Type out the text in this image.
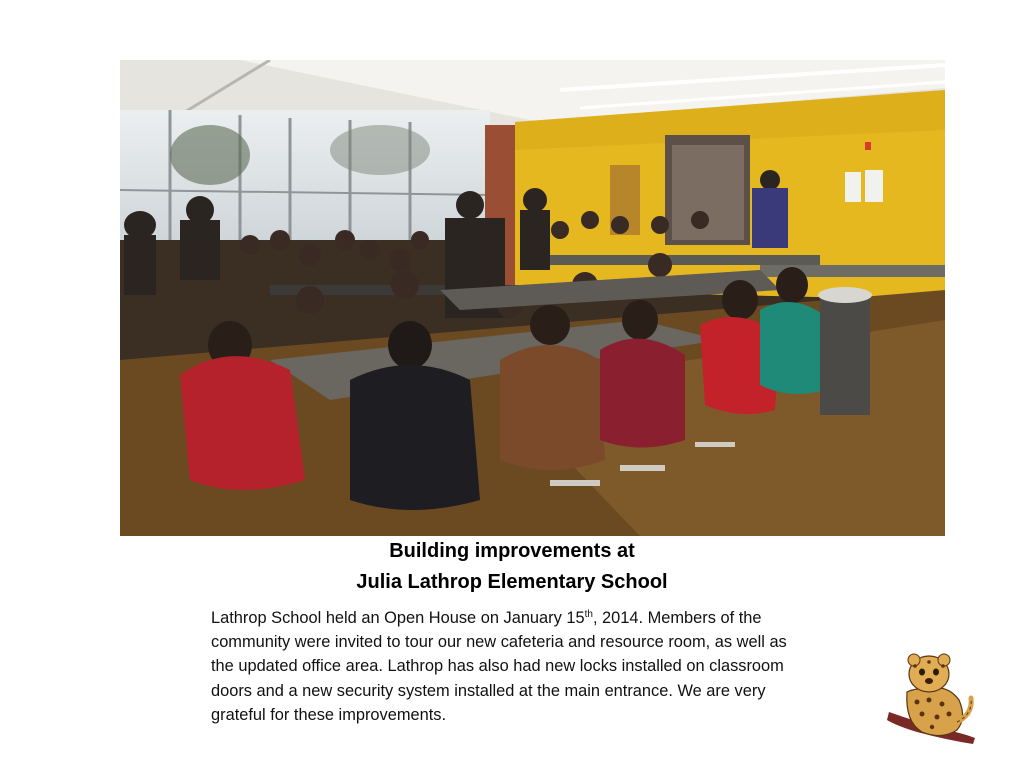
Building improvements at
Julia Lathrop Elementary School
Lathrop School held an Open House on January 15th, 2014. Members of the community were invited to tour our new cafeteria and resource room, as well as the updated office area. Lathrop has also had new locks installed on classroom doors and a new security system installed at the main entrance. We are very grateful for these improvements.
